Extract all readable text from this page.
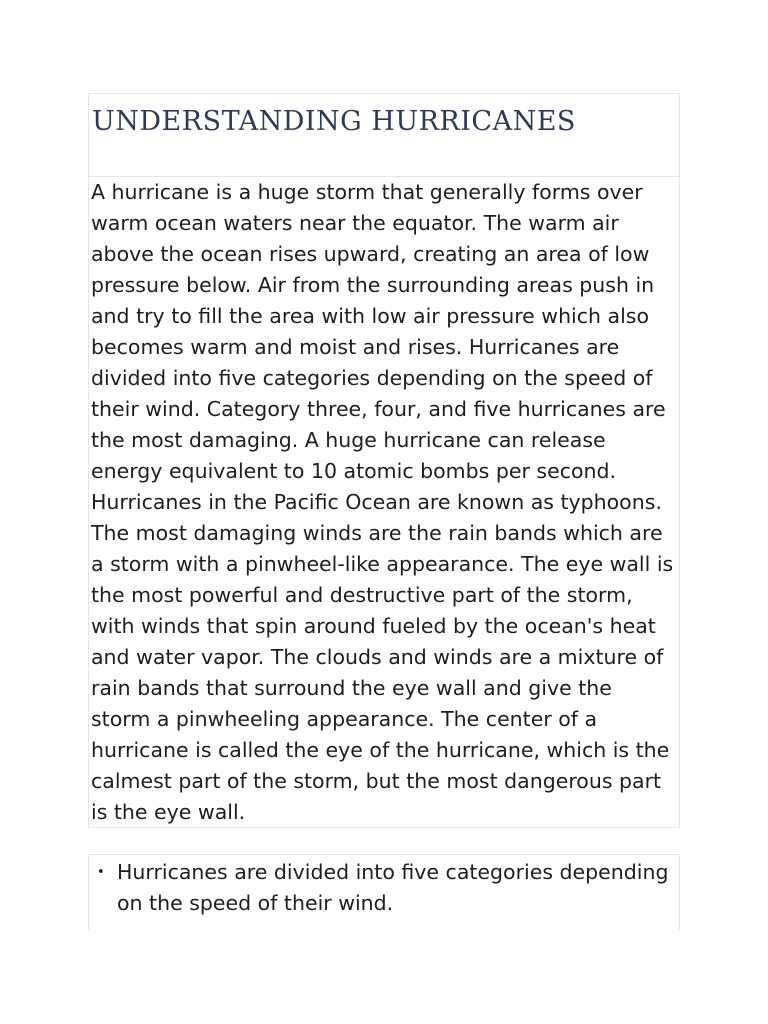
UNDERSTANDING HURRICANES

A hurricane is a huge storm that generally forms over warm ocean waters near the equator. The warm air above the ocean rises upward, creating an area of low pressure below. Air from the surrounding areas push in and try to fill the area with low air pressure which also becomes warm and moist and rises. Hurricanes are divided into five categories depending on the speed of their wind. Category three, four, and five hurricanes are the most damaging. A huge hurricane can release energy equivalent to 10 atomic bombs per second. Hurricanes in the Pacific Ocean are known as typhoons. The most damaging winds are the rain bands which are a storm with a pinwheel-like appearance. The eye wall is the most powerful and destructive part of the storm, with winds that spin around fueled by the ocean's heat and water vapor. The clouds and winds are a mixture of rain bands that surround the eye wall and give the storm a pinwheeling appearance. The center of a hurricane is called the eye of the hurricane, which is the calmest part of the storm, but the most dangerous part is the eye wall.

• Hurricanes are divided into five categories depending on the speed of their wind.
